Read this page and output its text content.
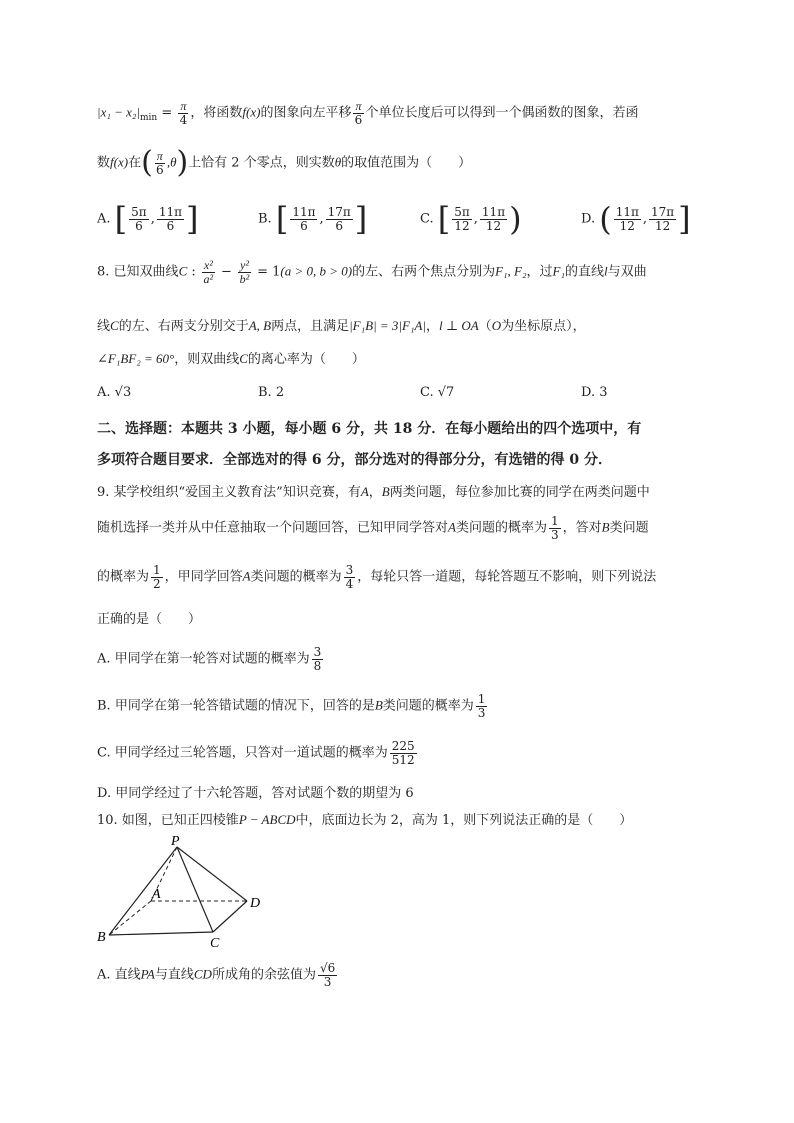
$|x_1 - x_2|_{min} = \frac{\pi}{4}$ ，将函数f(x)的图象向左平移 $\frac{\pi}{6}$ 个单位长度后可以得到一个偶函数的图象，若函
数f(x)在( $\frac{\pi}{6} ,\theta$)上恰有 2 个零点，则实数θ的取值范围为（　　）
A. [ $\frac{5\pi}{6}$ , $\frac{11\pi}{6}$ ]	B. [ $\frac{11\pi}{6}$ , $\frac{17\pi}{6}$ ]	C. [ $\frac{5\pi}{12}$ , $\frac{11\pi}{12}$ )	D. ( $\frac{11\pi}{12}$ , $\frac{17\pi}{12}$ ]
8. 已知双曲线C : $\frac{\text{x²}}{\text{a²}} - \frac{\text{y²}}{\text{b²}} = 1(a > 0$, b > 0)的左、右两个焦点分别为F₁, F₂，过F₁的直线l与双曲
线C的左、右两支分别交于A, B两点，且满足|F₁B| = 3|F₁A|，l ⊥ OA（O为坐标原点），
∠F₁BF₂ = 60°，则双曲线C的离心率为（　　）
A. √3	B. 2	C. √7	D. 3
二、选择题：本题共 3 小题，每小题 6 分，共 18 分．在每小题给出的四个选项中，有
多项符合题目要求．全部选对的得 6 分，部分选对的得部分分，有选错的得 0 分．
9. 某学校组织“爱国主义教育法”知识竞赛，有A，B两类问题，每位参加比赛的同学在两类问题中
随机选择一类并从中任意抽取一个问题回答，已知甲同学答对A类问题的概率为 $\frac{1}{3}$ ，答对B类问题
的概率为 $\frac{1}{2}$ ，甲同学回答A类问题的概率为 $\frac{3}{4}$ ，每轮只答一道题，每轮答题互不影响，则下列说法
正确的是（　　）
A. 甲同学在第一轮答对试题的概率为 $\frac{3}{8}$
B. 甲同学在第一轮答错试题的情况下，回答的是B类问题的概率为 $\frac{1}{3}$
C. 甲同学经过三轮答题，只答对一道试题的概率为 $\frac{225}{512}$
D. 甲同学经过了十六轮答题，答对试题个数的期望为 6
10. 如图，已知正四棱锥P − ABCD中，底面边长为 2，高为 1，则下列说法正确的是（　　）
P
A
B	C
D
A. 直线PA与直线CD所成角的余弦值为 $\frac{√6}{3}$
